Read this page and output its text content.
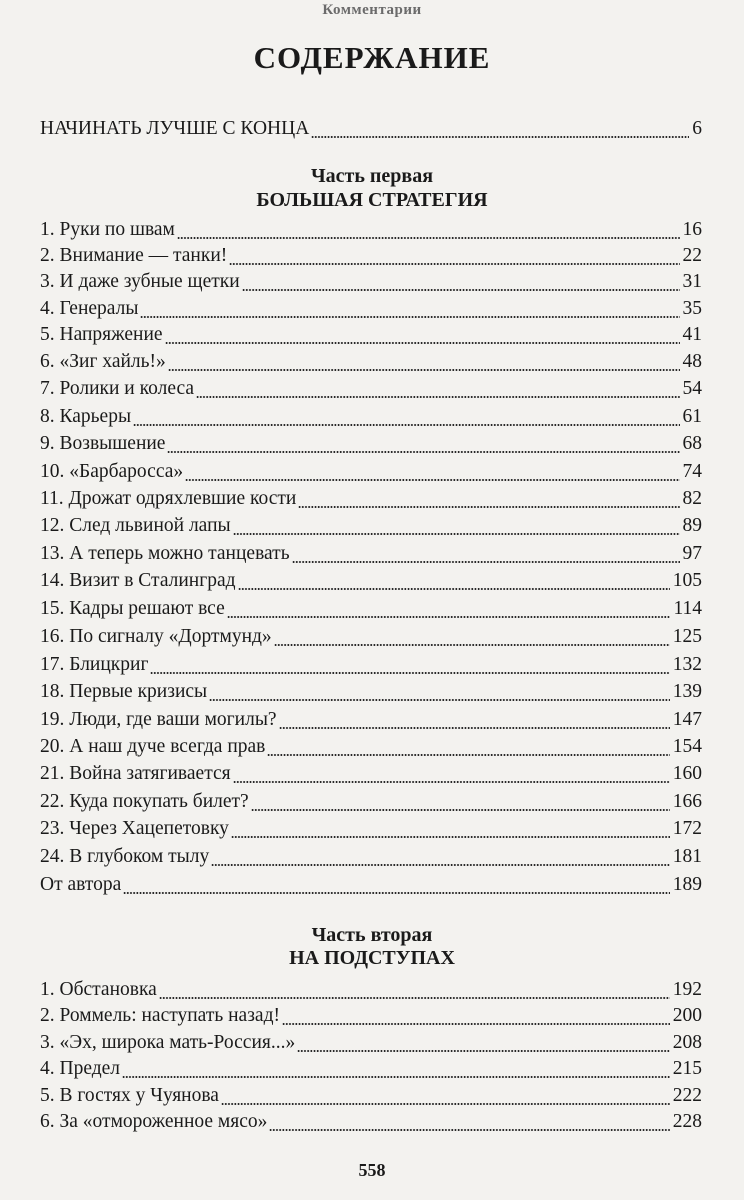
Комментарии
СОДЕРЖАНИЕ
НАЧИНАТЬ ЛУЧШЕ С КОНЦА	6
Часть первая
БОЛЬШАЯ СТРАТЕГИЯ
1. Руки по швам	16
2. Внимание — танки!	22
3. И даже зубные щетки	31
4. Генералы	35
5. Напряжение	41
6. «Зиг хайль!»	48
7. Ролики и колеса	54
8. Карьеры	61
9. Возвышение	68
10. «Барбаросса»	74
11. Дрожат одряхлевшие кости	82
12. След львиной лапы	89
13. А теперь можно танцевать	97
14. Визит в Сталинград	105
15. Кадры решают все	114
16. По сигналу «Дортмунд»	125
17. Блицкриг	132
18. Первые кризисы	139
19. Люди, где ваши могилы?	147
20. А наш дуче всегда прав	154
21. Война затягивается	160
22. Куда покупать билет?	166
23. Через Хацепетовку	172
24. В глубоком тылу	181
От автора	189
Часть вторая
НА ПОДСТУПАХ
1. Обстановка	192
2. Роммель: наступать назад!	200
3. «Эх, широка мать-Россия...»	208
4. Предел	215
5. В гостях у Чуянова	222
6. За «отмороженное мясо»	228
558
